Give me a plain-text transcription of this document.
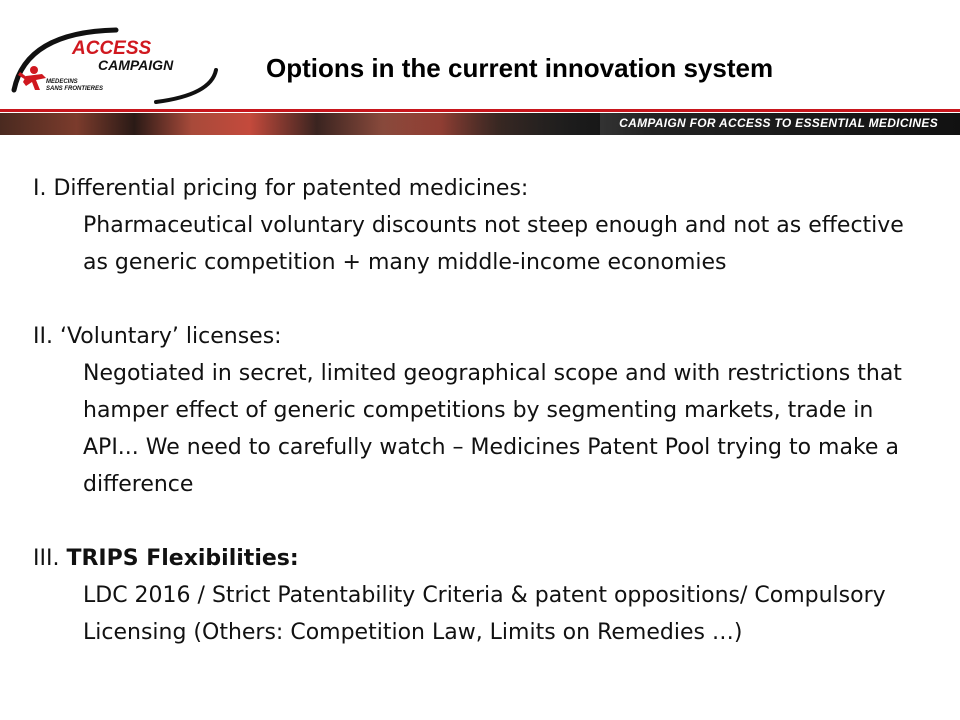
ACCESS
CAMPAIGN
MEDECINS
SANS FRONTIERES
Options in the current innovation system
CAMPAIGN FOR ACCESS TO ESSENTIAL MEDICINES
I. Differential pricing for patented medicines:
Pharmaceutical voluntary discounts not steep enough and not as effective as generic competition + many middle-income economies
II. ‘Voluntary’ licenses:
Negotiated in secret, limited geographical scope and with restrictions that hamper effect of generic competitions by segmenting markets, trade in API... We need to carefully watch – Medicines Patent Pool trying to make a difference
III. TRIPS Flexibilities:
LDC 2016 / Strict Patentability Criteria & patent oppositions/ Compulsory Licensing (Others: Competition Law, Limits on Remedies …)
